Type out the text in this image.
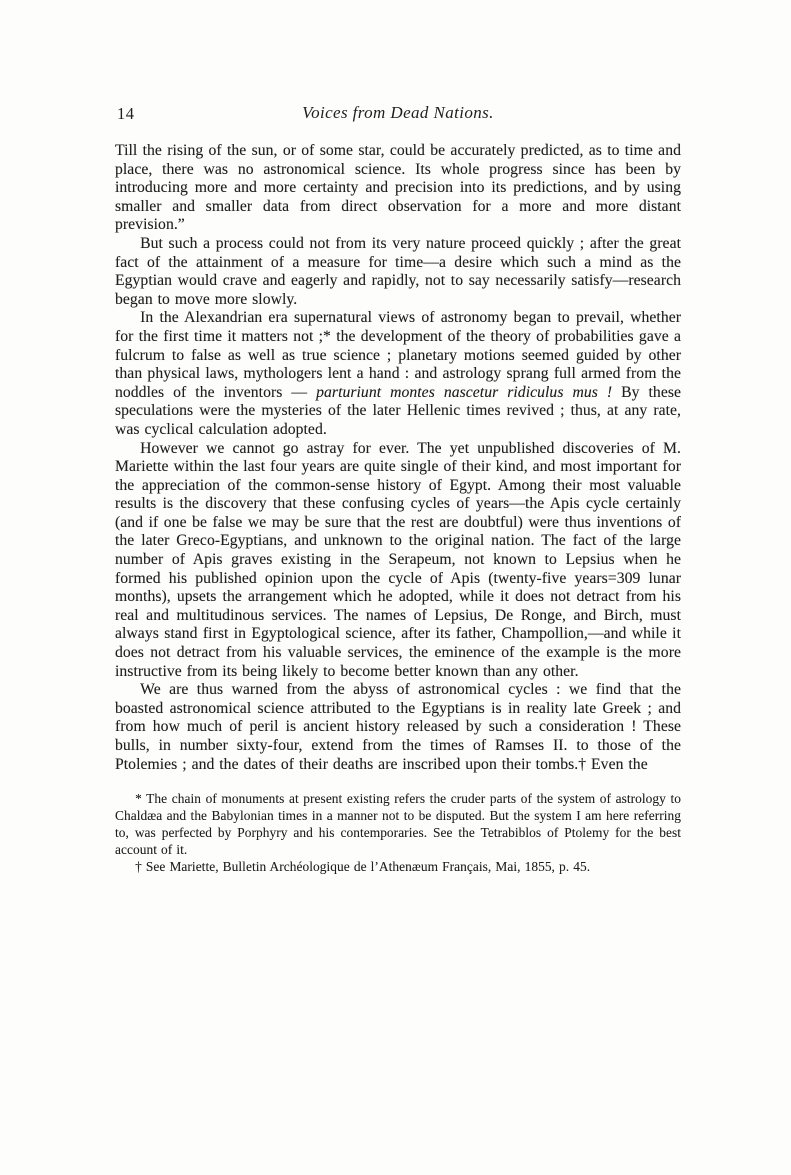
14	Voices from Dead Nations.

Till the rising of the sun, or of some star, could be accurately predicted, as to time and place, there was no astronomical science. Its whole progress since has been by introducing more and more certainty and precision into its predictions, and by using smaller and smaller data from direct observation for a more and more distant prevision.”

But such a process could not from its very nature proceed quickly ; after the great fact of the attainment of a measure for time—a desire which such a mind as the Egyptian would crave and eagerly and rapidly, not to say necessarily satisfy—research began to move more slowly.

In the Alexandrian era supernatural views of astronomy began to prevail, whether for the first time it matters not ;* the development of the theory of probabilities gave a fulcrum to false as well as true science ; planetary motions seemed guided by other than physical laws, mythologers lent a hand : and astrology sprang full armed from the noddles of the inventors — parturiunt montes nascetur ridiculus mus ! By these speculations were the mysteries of the later Hellenic times revived ; thus, at any rate, was cyclical calculation adopted.

However we cannot go astray for ever. The yet unpublished discoveries of M. Mariette within the last four years are quite single of their kind, and most important for the appreciation of the common-sense history of Egypt. Among their most valuable results is the discovery that these confusing cycles of years—the Apis cycle certainly (and if one be false we may be sure that the rest are doubtful) were thus inventions of the later Greco-Egyptians, and unknown to the original nation. The fact of the large number of Apis graves existing in the Serapeum, not known to Lepsius when he formed his published opinion upon the cycle of Apis (twenty-five years=309 lunar months), upsets the arrangement which he adopted, while it does not detract from his real and multitudinous services. The names of Lepsius, De Ronge, and Birch, must always stand first in Egyptological science, after its father, Champollion,—and while it does not detract from his valuable services, the eminence of the example is the more instructive from its being likely to become better known than any other.

We are thus warned from the abyss of astronomical cycles : we find that the boasted astronomical science attributed to the Egyptians is in reality late Greek ; and from how much of peril is ancient history released by such a consideration ! These bulls, in number sixty-four, extend from the times of Ramses II. to those of the Ptolemies ; and the dates of their deaths are inscribed upon their tombs.† Even the

* The chain of monuments at present existing refers the cruder parts of the system of astrology to Chaldæa and the Babylonian times in a manner not to be disputed. But the system I am here referring to, was perfected by Porphyry and his contemporaries. See the Tetrabiblos of Ptolemy for the best account of it.

† See Mariette, Bulletin Archéologique de l’Athenæum Français, Mai, 1855, p. 45.
